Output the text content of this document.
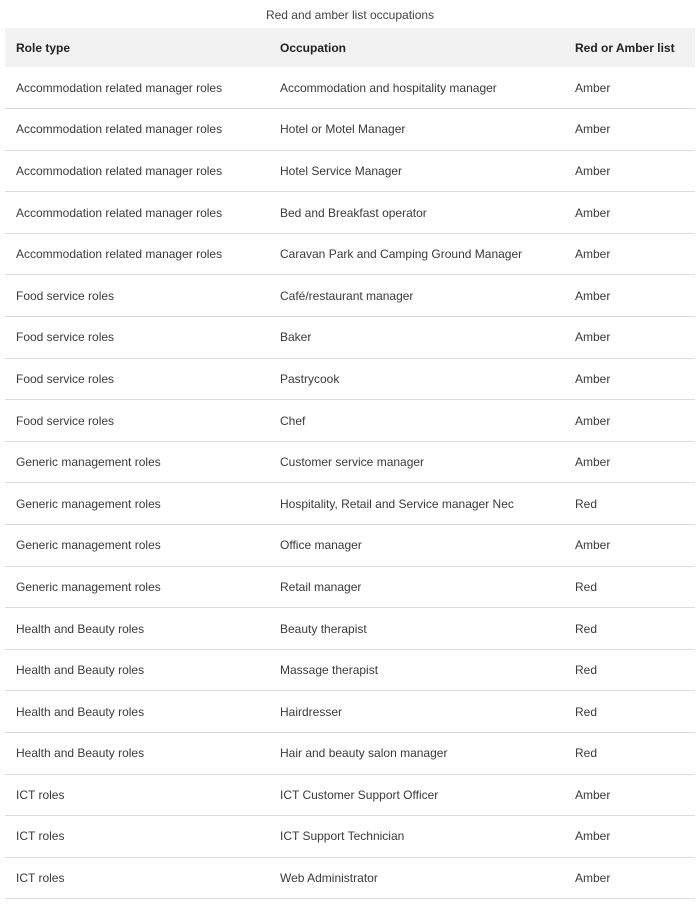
Red and amber list occupations
Role type	Occupation	Red or Amber list
Accommodation related manager roles	Accommodation and hospitality manager	Amber
Accommodation related manager roles	Hotel or Motel Manager	Amber
Accommodation related manager roles	Hotel Service Manager	Amber
Accommodation related manager roles	Bed and Breakfast operator	Amber
Accommodation related manager roles	Caravan Park and Camping Ground Manager	Amber
Food service roles	Café/restaurant manager	Amber
Food service roles	Baker	Amber
Food service roles	Pastrycook	Amber
Food service roles	Chef	Amber
Generic management roles	Customer service manager	Amber
Generic management roles	Hospitality, Retail and Service manager Nec	Red
Generic management roles	Office manager	Amber
Generic management roles	Retail manager	Red
Health and Beauty roles	Beauty therapist	Red
Health and Beauty roles	Massage therapist	Red
Health and Beauty roles	Hairdresser	Red
Health and Beauty roles	Hair and beauty salon manager	Red
ICT roles	ICT Customer Support Officer	Amber
ICT roles	ICT Support Technician	Amber
ICT roles	Web Administrator	Amber
